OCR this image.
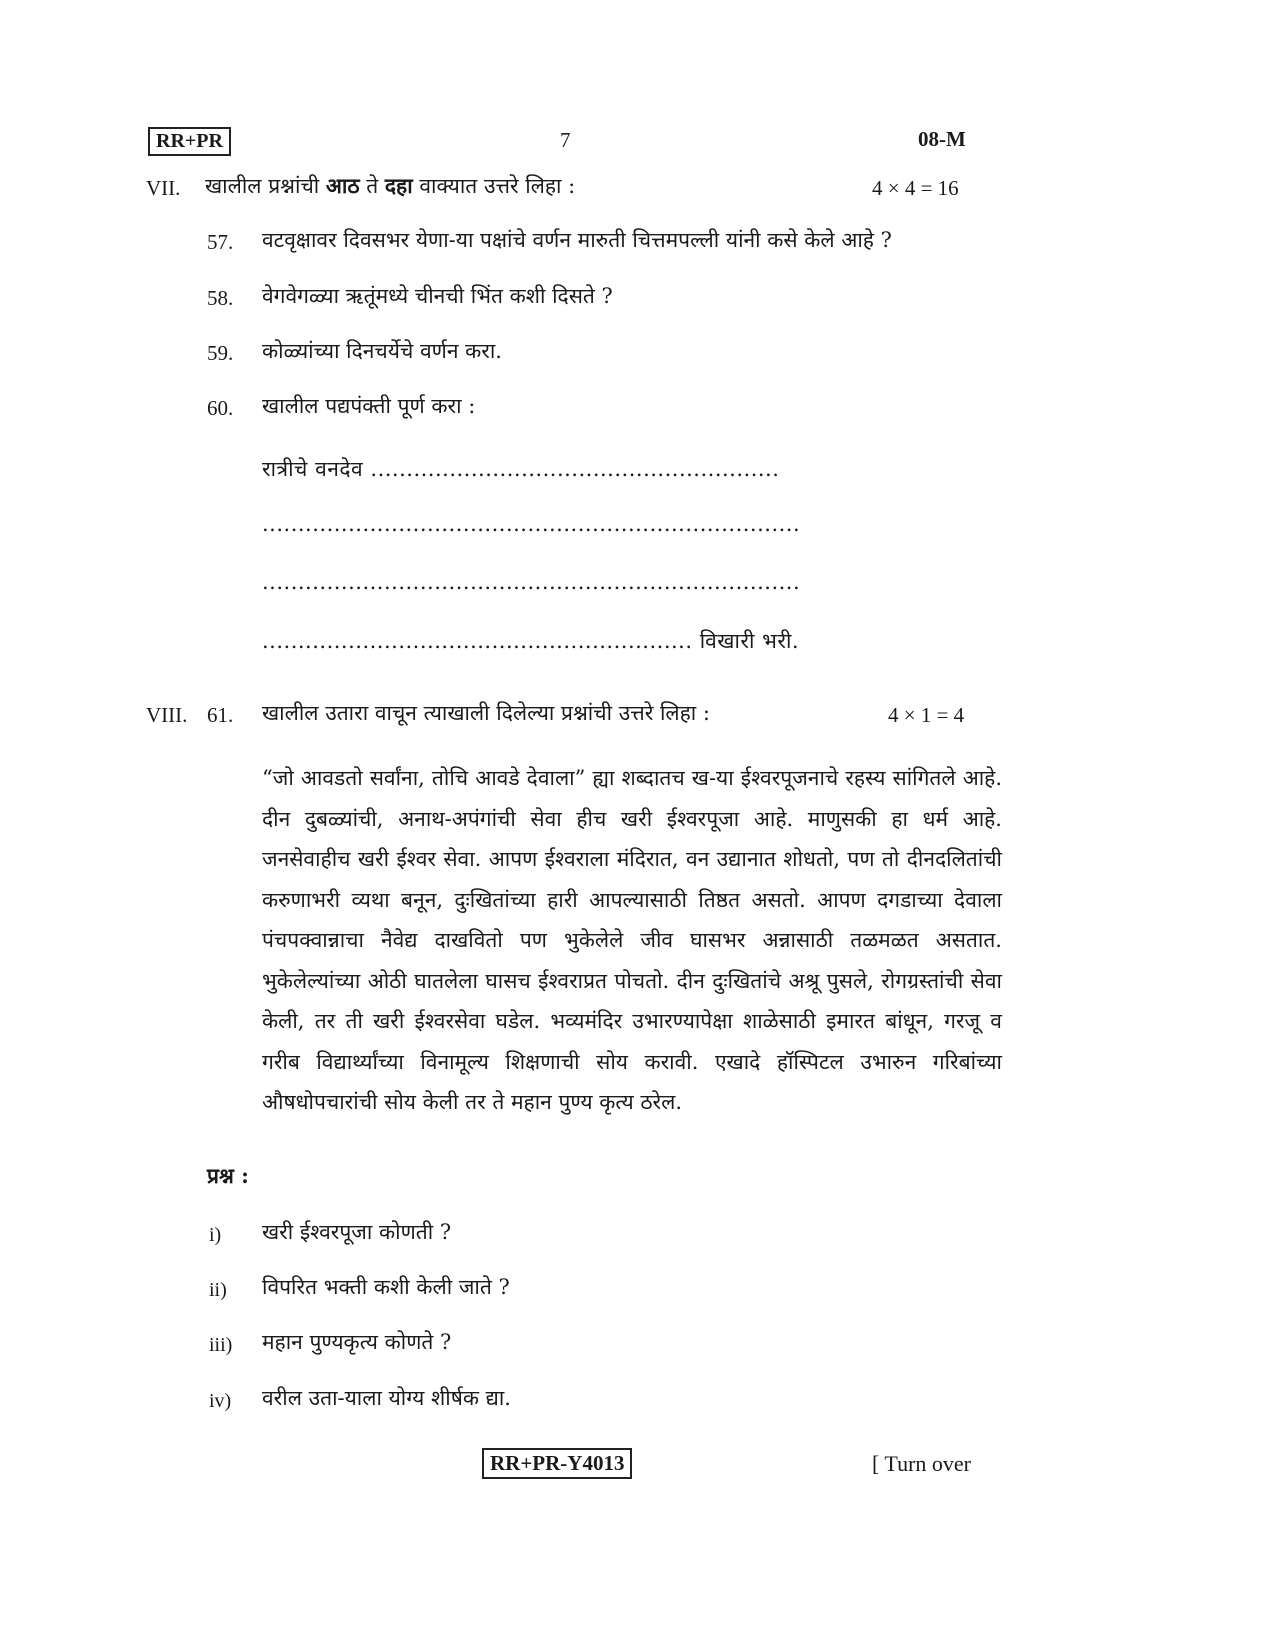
RR+PR	7	08-M
VII. खालील प्रश्नांची आठ ते दहा वाक्यात उत्तरे लिहा :	4 × 4 = 16
57. वटवृक्षावर दिवसभर येणा-या पक्षांचे वर्णन मारुती चित्तमपल्ली यांनी कसे केले आहे ?
58. वेगवेगळ्या ऋतूंमध्ये चीनची भिंत कशी दिसते ?
59. कोळ्यांच्या दिनचर्येचे वर्णन करा.
60. खालील पद्यपंक्ती पूर्ण करा :
रात्रीचे वनदेव .........................................................
...........................................................................
...........................................................................
............................................................ विखारी भरी.
VIII. 61. खालील उतारा वाचून त्याखाली दिलेल्या प्रश्नांची उत्तरे लिहा :	4 × 1 = 4

“जो आवडतो सर्वांना, तोचि आवडे देवाला” ह्या शब्दातच ख-या ईश्वरपूजनाचे रहस्य सांगितले आहे. दीन दुबळ्यांची, अनाथ-अपंगांची सेवा हीच खरी ईश्वरपूजा आहे. माणुसकी हा धर्म आहे. जनसेवाहीच खरी ईश्वर सेवा. आपण ईश्वराला मंदिरात, वन उद्यानात शोधतो, पण तो दीनदलितांची करुणाभरी व्यथा बनून, दुःखितांच्या हारी आपल्यासाठी तिष्ठत असतो. आपण दगडाच्या देवाला पंचपक्वान्नाचा नैवेद्य दाखवितो पण भुकेलेले जीव घासभर अन्नासाठी तळमळत असतात. भुकेलेल्यांच्या ओठी घातलेला घासच ईश्वराप्रत पोचतो. दीन दुःखितांचे अश्रू पुसले, रोगग्रस्तांची सेवा केली, तर ती खरी ईश्वरसेवा घडेल. भव्यमंदिर उभारण्यापेक्षा शाळेसाठी इमारत बांधून, गरजू व गरीब विद्यार्थ्यांच्या विनामूल्य शिक्षणाची सोय करावी. एखादे हॉस्पिटल उभारुन गरिबांच्या औषधोपचारांची सोय केली तर ते महान पुण्य कृत्य ठरेल.

प्रश्न :
i) खरी ईश्वरपूजा कोणती ?
ii) विपरित भक्ती कशी केली जाते ?
iii) महान पुण्यकृत्य कोणते ?
iv) वरील उता-याला योग्य शीर्षक द्या.
RR+PR-Y4013	[ Turn over
